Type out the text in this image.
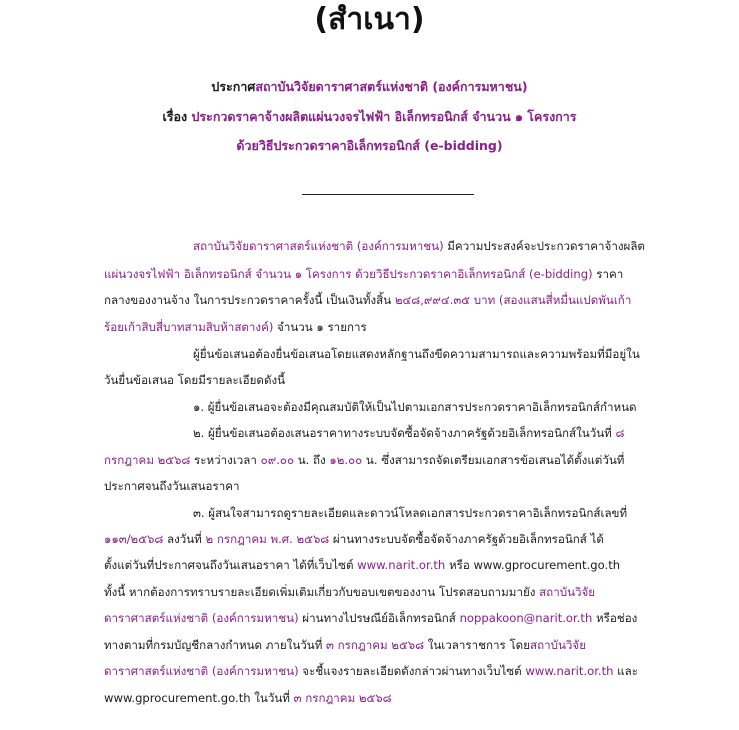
(สำเนา)
ประกาศสถาบันวิจัยดาราศาสตร์แห่งชาติ (องค์การมหาชน)
เรื่อง ประกวดราคาจ้างผลิตแผ่นวงจรไฟฟ้า อิเล็กทรอนิกส์ จำนวน ๑ โครงการ
ด้วยวิธีประกวดราคาอิเล็กทรอนิกส์ (e-bidding)
สถาบันวิจัยดาราศาสตร์แห่งชาติ (องค์การมหาชน) มีความประสงค์จะประกวดราคาจ้างผลิต
แผ่นวงจรไฟฟ้า อิเล็กทรอนิกส์ จำนวน ๑ โครงการ ด้วยวิธีประกวดราคาอิเล็กทรอนิกส์ (e-bidding) ราคา
กลางของงานจ้าง ในการประกวดราคาครั้งนี้ เป็นเงินทั้งสิ้น ๒๔๘,๙๙๔.๓๕ บาท (สองแสนสี่หมื่นแปดพันเก้า
ร้อยเก้าสิบสี่บาทสามสิบห้าสตางค์) จำนวน ๑ รายการ
ผู้ยื่นข้อเสนอต้องยื่นข้อเสนอโดยแสดงหลักฐานถึงขีดความสามารถและความพร้อมที่มีอยู่ใน
วันยื่นข้อเสนอ โดยมีรายละเอียดดังนี้
๑. ผู้ยื่นข้อเสนอจะต้องมีคุณสมบัติให้เป็นไปตามเอกสารประกวดราคาอิเล็กทรอนิกส์กำหนด
๒. ผู้ยื่นข้อเสนอต้องเสนอราคาทางระบบจัดซื้อจัดจ้างภาครัฐด้วยอิเล็กทรอนิกส์ในวันที่ ๘
กรกฎาคม ๒๕๖๘ ระหว่างเวลา ๐๙.๐๐ น. ถึง ๑๒.๐๐ น. ซึ่งสามารถจัดเตรียมเอกสารข้อเสนอได้ตั้งแต่วันที่
ประกาศจนถึงวันเสนอราคา
๓. ผู้สนใจสามารถดูรายละเอียดและดาวน์โหลดเอกสารประกวดราคาอิเล็กทรอนิกส์เลขที่
๑๑๓/๒๕๖๘ ลงวันที่ ๒ กรกฎาคม พ.ศ. ๒๕๖๘ ผ่านทางระบบจัดซื้อจัดจ้างภาครัฐด้วยอิเล็กทรอนิกส์ ได้
ตั้งแต่วันที่ประกาศจนถึงวันเสนอราคา ได้ที่เว็บไซต์ www.narit.or.th หรือ www.gprocurement.go.th
ทั้งนี้ หากต้องการทราบรายละเอียดเพิ่มเติมเกี่ยวกับขอบเขตของงาน โปรดสอบถามมายัง สถาบันวิจัย
ดาราศาสตร์แห่งชาติ (องค์การมหาชน) ผ่านทางไปรษณีย์อิเล็กทรอนิกส์ noppakoon@narit.or.th หรือช่อง
ทางตามที่กรมบัญชีกลางกำหนด ภายในวันที่ ๓ กรกฎาคม ๒๕๖๘ ในเวลาราชการ โดยสถาบันวิจัย
ดาราศาสตร์แห่งชาติ (องค์การมหาชน) จะชี้แจงรายละเอียดดังกล่าวผ่านทางเว็บไซต์ www.narit.or.th และ
www.gprocurement.go.th ในวันที่ ๓ กรกฎาคม ๒๕๖๘
